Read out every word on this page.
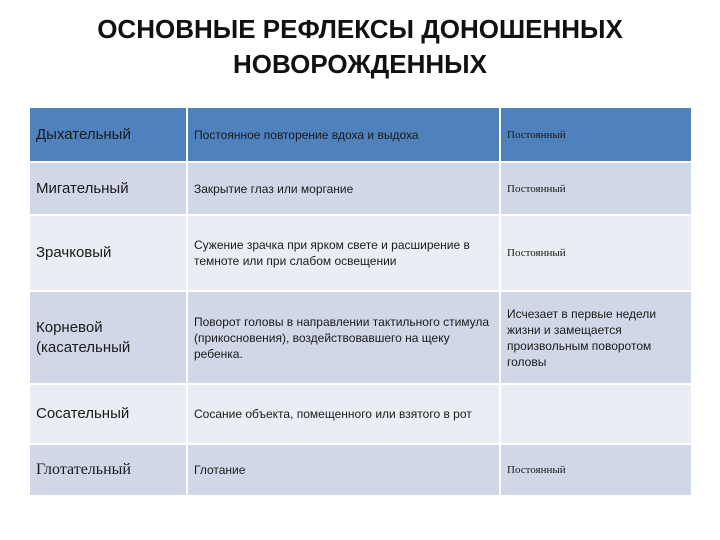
ОСНОВНЫЕ РЕФЛЕКСЫ ДОНОШЕННЫХ
НОВОРОЖДЕННЫХ
Дыхательный	Постоянное повторение вдоха и выдоха	Постоянный
Мигательный	Закрытие глаз или моргание	Постоянный
Зрачковый	Сужение зрачка при ярком свете и расширение в темноте или при слабом освещении	Постоянный
Корневой (касательный	Поворот головы в направлении тактильного стимула (прикосновения), воздействовавшего на щеку ребенка.	Исчезает в первые недели жизни и замещается произвольным поворотом головы
Сосательный	Сосание объекта, помещенного или взятого в рот	
Глотательный	Глотание	Постоянный
